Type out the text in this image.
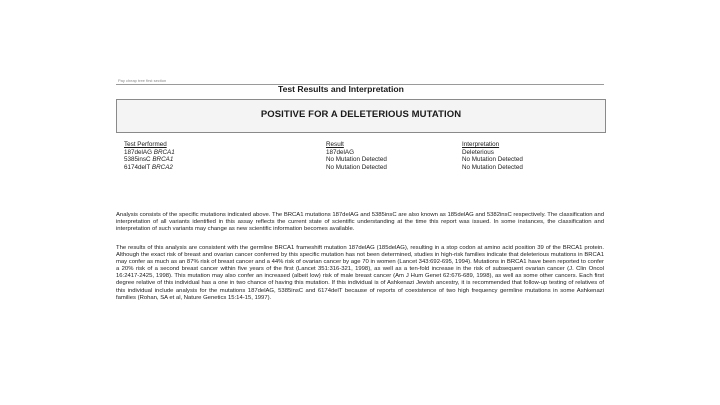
Pay cheap tree first section
Test Results and Interpretation
POSITIVE FOR A DELETERIOUS MUTATION
Test Performed
187delAG BRCA1
5385insC BRCA1
6174delT BRCA2
Result
187delAG
No Mutation Detected
No Mutation Detected
Interpretation
Deleterious
No Mutation Detected
No Mutation Detected

Analysis consists of the specific mutations indicated above. The BRCA1 mutations 187delAG and 5385insC are also known as 185delAG and 5382insC respectively. The classification and interpretation of all variants identified in this assay reflects the current state of scientific understanding at the time this report was issued. In some instances, the classification and interpretation of such variants may change as new scientific information becomes available.

The results of this analysis are consistent with the germline BRCA1 frameshift mutation 187delAG (185delAG), resulting in a stop codon at amino acid position 39 of the BRCA1 protein. Although the exact risk of breast and ovarian cancer conferred by this specific mutation has not been determined, studies in high-risk families indicate that deleterious mutations in BRCA1 may confer as much as an 87% risk of breast cancer and a 44% risk of ovarian cancer by age 70 in women (Lancet 343:692-695, 1994). Mutations in BRCA1 have been reported to confer a 20% risk of a second breast cancer within five years of the first (Lancet 351:316-321, 1998), as well as a ten-fold increase in the risk of subsequent ovarian cancer (J. Clin Oncol 16:2417-2425, 1998). This mutation may also confer an increased (albeit low) risk of male breast cancer (Am J Hum Genet 62:676-689, 1998), as well as some other cancers. Each first degree relative of this individual has a one in two chance of having this mutation. If this individual is of Ashkenazi Jewish ancestry, it is recommended that follow-up testing of relatives of this individual include analysis for the mutations 187delAG, 5385insC and 6174delT because of reports of coexistence of two high frequency germline mutations in some Ashkenazi families (Rohan, SA et al, Nature Genetics 15:14-15, 1997).
